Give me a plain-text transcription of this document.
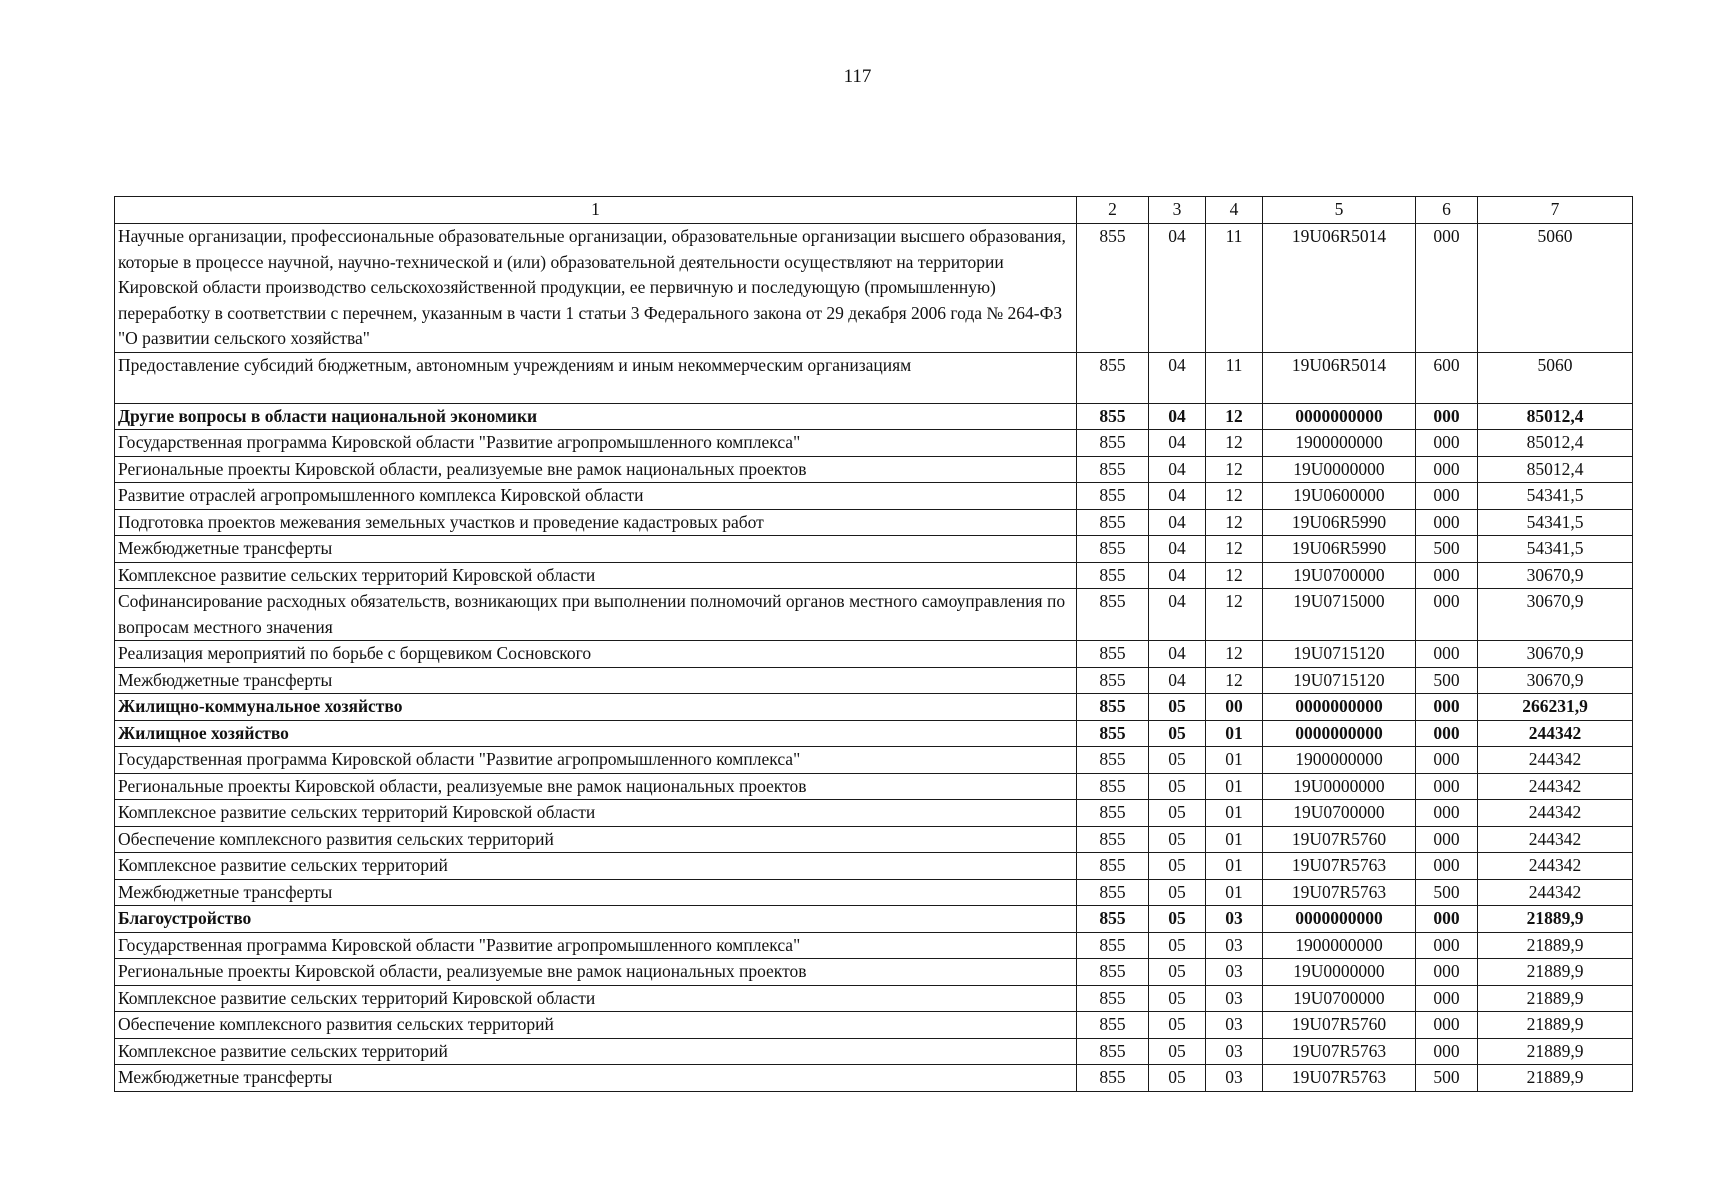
117
1	2	3	4	5	6	7
Научные организации, профессиональные образовательные организации, образовательные организации высшего образования, которые в процессе научной, научно-технической и (или) образовательной деятельности осуществляют на территории Кировской области производство сельскохозяйственной продукции, ее первичную и последующую (промышленную) переработку в соответствии с перечнем, указанным в части 1 статьи 3 Федерального закона от 29 декабря 2006 года № 264-ФЗ "О развитии сельского хозяйства"	855	04	11	19U06R5014	000	5060
Предоставление субсидий бюджетным, автономным учреждениям и иным некоммерческим организациям	855	04	11	19U06R5014	600	5060
Другие вопросы в области национальной экономики	855	04	12	0000000000	000	85012,4
Государственная программа Кировской области "Развитие агропромышленного комплекса"	855	04	12	1900000000	000	85012,4
Региональные проекты Кировской области, реализуемые вне рамок национальных проектов	855	04	12	19U0000000	000	85012,4
Развитие отраслей агропромышленного комплекса Кировской области	855	04	12	19U0600000	000	54341,5
Подготовка проектов межевания земельных участков и проведение кадастровых работ	855	04	12	19U06R5990	000	54341,5
Межбюджетные трансферты	855	04	12	19U06R5990	500	54341,5
Комплексное развитие сельских территорий Кировской области	855	04	12	19U0700000	000	30670,9
Софинансирование расходных обязательств, возникающих при выполнении полномочий органов местного самоуправления по вопросам местного значения	855	04	12	19U0715000	000	30670,9
Реализация мероприятий по борьбе с борщевиком Сосновского	855	04	12	19U0715120	000	30670,9
Межбюджетные трансферты	855	04	12	19U0715120	500	30670,9
Жилищно-коммунальное хозяйство	855	05	00	0000000000	000	266231,9
Жилищное хозяйство	855	05	01	0000000000	000	244342
Государственная программа Кировской области "Развитие агропромышленного комплекса"	855	05	01	1900000000	000	244342
Региональные проекты Кировской области, реализуемые вне рамок национальных проектов	855	05	01	19U0000000	000	244342
Комплексное развитие сельских территорий Кировской области	855	05	01	19U0700000	000	244342
Обеспечение комплексного развития сельских территорий	855	05	01	19U07R5760	000	244342
Комплексное развитие сельских территорий	855	05	01	19U07R5763	000	244342
Межбюджетные трансферты	855	05	01	19U07R5763	500	244342
Благоустройство	855	05	03	0000000000	000	21889,9
Государственная программа Кировской области "Развитие агропромышленного комплекса"	855	05	03	1900000000	000	21889,9
Региональные проекты Кировской области, реализуемые вне рамок национальных проектов	855	05	03	19U0000000	000	21889,9
Комплексное развитие сельских территорий Кировской области	855	05	03	19U0700000	000	21889,9
Обеспечение комплексного развития сельских территорий	855	05	03	19U07R5760	000	21889,9
Комплексное развитие сельских территорий	855	05	03	19U07R5763	000	21889,9
Межбюджетные трансферты	855	05	03	19U07R5763	500	21889,9
